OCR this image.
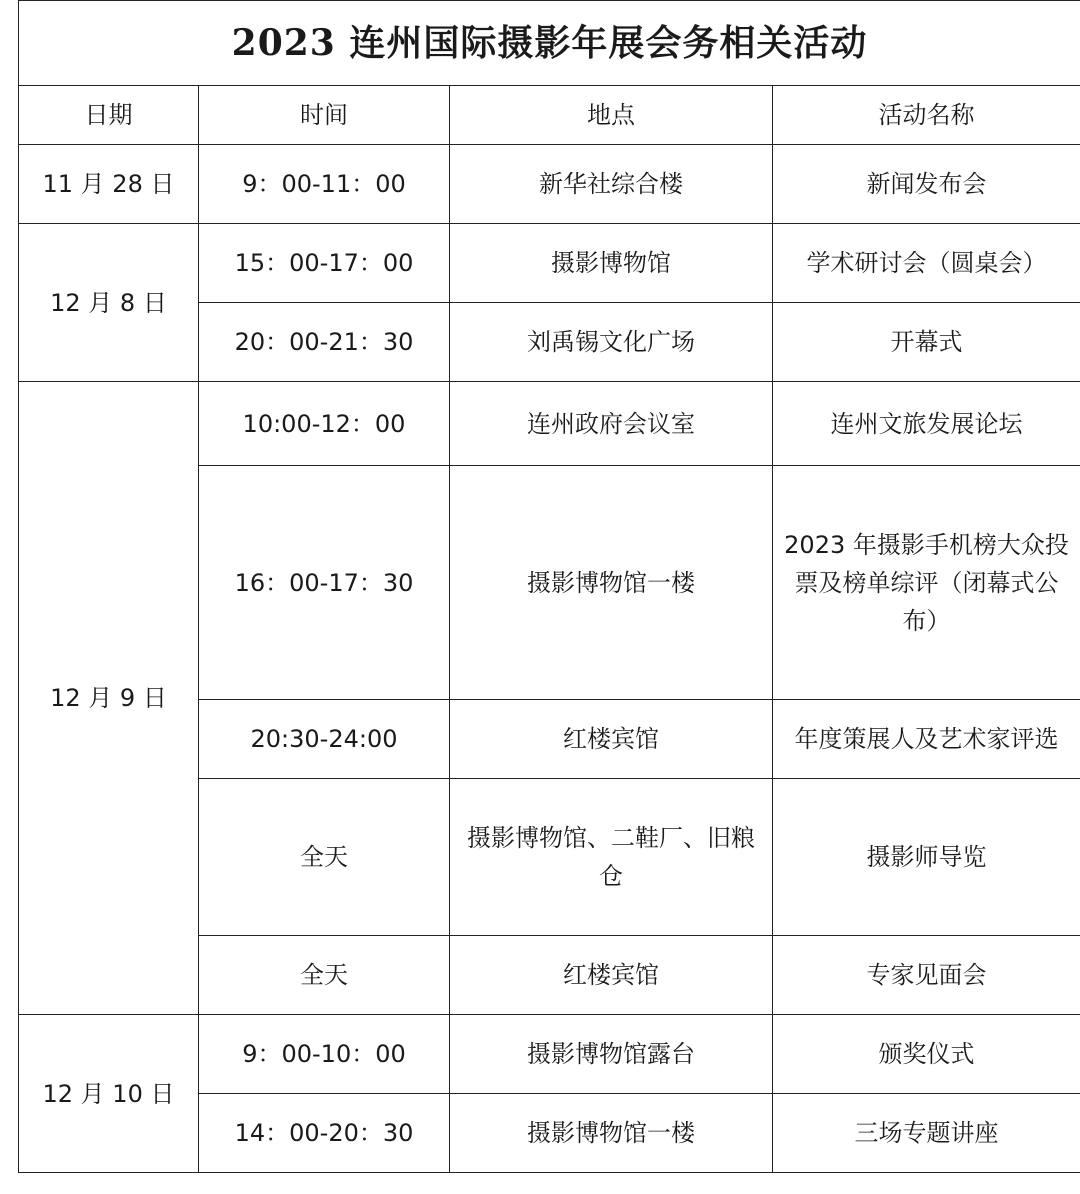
2023 连州国际摄影年展会务相关活动			
日期	时间	地点	活动名称
11 月 28 日	9：00-11：00	新华社综合楼	新闻发布会
12 月 8 日	15：00-17：00	摄影博物馆	学术研讨会（圆桌会）
	20：00-21：30	刘禹锡文化广场	开幕式
12 月 9 日	10:00-12：00	连州政府会议室	连州文旅发展论坛
	16：00-17：30	摄影博物馆一楼	2023 年摄影手机榜大众投票及榜单综评（闭幕式公布）
	20:30-24:00	红楼宾馆	年度策展人及艺术家评选
	全天	摄影博物馆、二鞋厂、旧粮仓	摄影师导览
	全天	红楼宾馆	专家见面会
12 月 10 日	9：00-10：00	摄影博物馆露台	颁奖仪式
	14：00-20：30	摄影博物馆一楼	三场专题讲座
